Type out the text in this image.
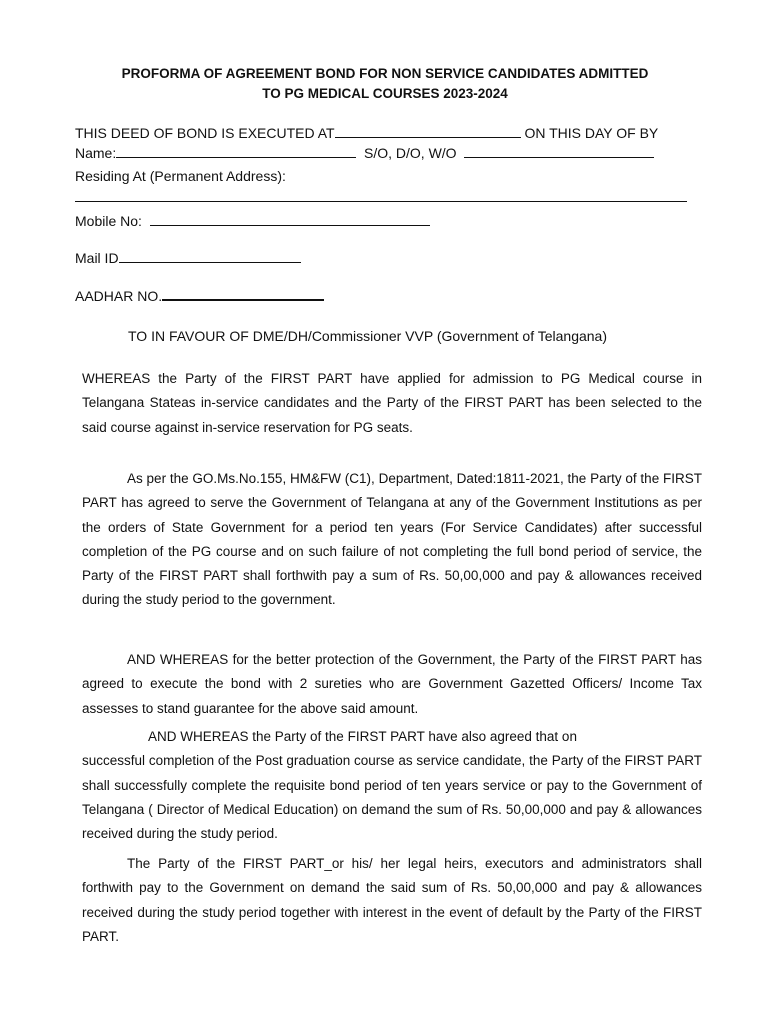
PROFORMA OF AGREEMENT BOND FOR NON SERVICE CANDIDATES ADMITTED
TO PG MEDICAL COURSES 2023-2024
THIS DEED OF BOND IS EXECUTED AT	ON THIS DAY OF BY
Name:	S/O, D/O, W/O
Residing At (Permanent Address):
Mobile No:
Mail ID
AADHAR NO.
TO IN FAVOUR OF DME/DH/Commissioner VVP (Government of Telangana)
WHEREAS the Party of the FIRST PART have applied for admission to PG Medical course in Telangana Stateas in-service candidates and the Party of the FIRST PART has been selected to the said course against in-service reservation for PG seats.
As per the GO.Ms.No.155, HM&FW (C1), Department, Dated:1811-2021, the Party of the FIRST PART has agreed to serve the Government of Telangana at any of the Government Institutions as per the orders of State Government for a period ten years (For Service Candidates) after successful completion of the PG course and on such failure of not completing the full bond period of service, the Party of the FIRST PART shall forthwith pay a sum of Rs. 50,00,000 and pay & allowances received during the study period to the government.
AND WHEREAS for the better protection of the Government, the Party of the FIRST PART has agreed to execute the bond with 2 sureties who are Government Gazetted Officers/ Income Tax assesses to stand guarantee for the above said amount.
AND WHEREAS the Party of the FIRST PART have also agreed that on
successful completion of the Post graduation course as service candidate, the Party of the FIRST PART shall successfully complete the requisite bond period of ten years service or pay to the Government of Telangana ( Director of Medical Education) on demand the sum of Rs. 50,00,000 and pay & allowances received during the study period.
The Party of the FIRST PART_or his/ her legal heirs, executors and administrators shall forthwith pay to the Government on demand the said sum of Rs. 50,00,000 and pay & allowances received during the study period together with interest in the event of default by the Party of the FIRST PART.
